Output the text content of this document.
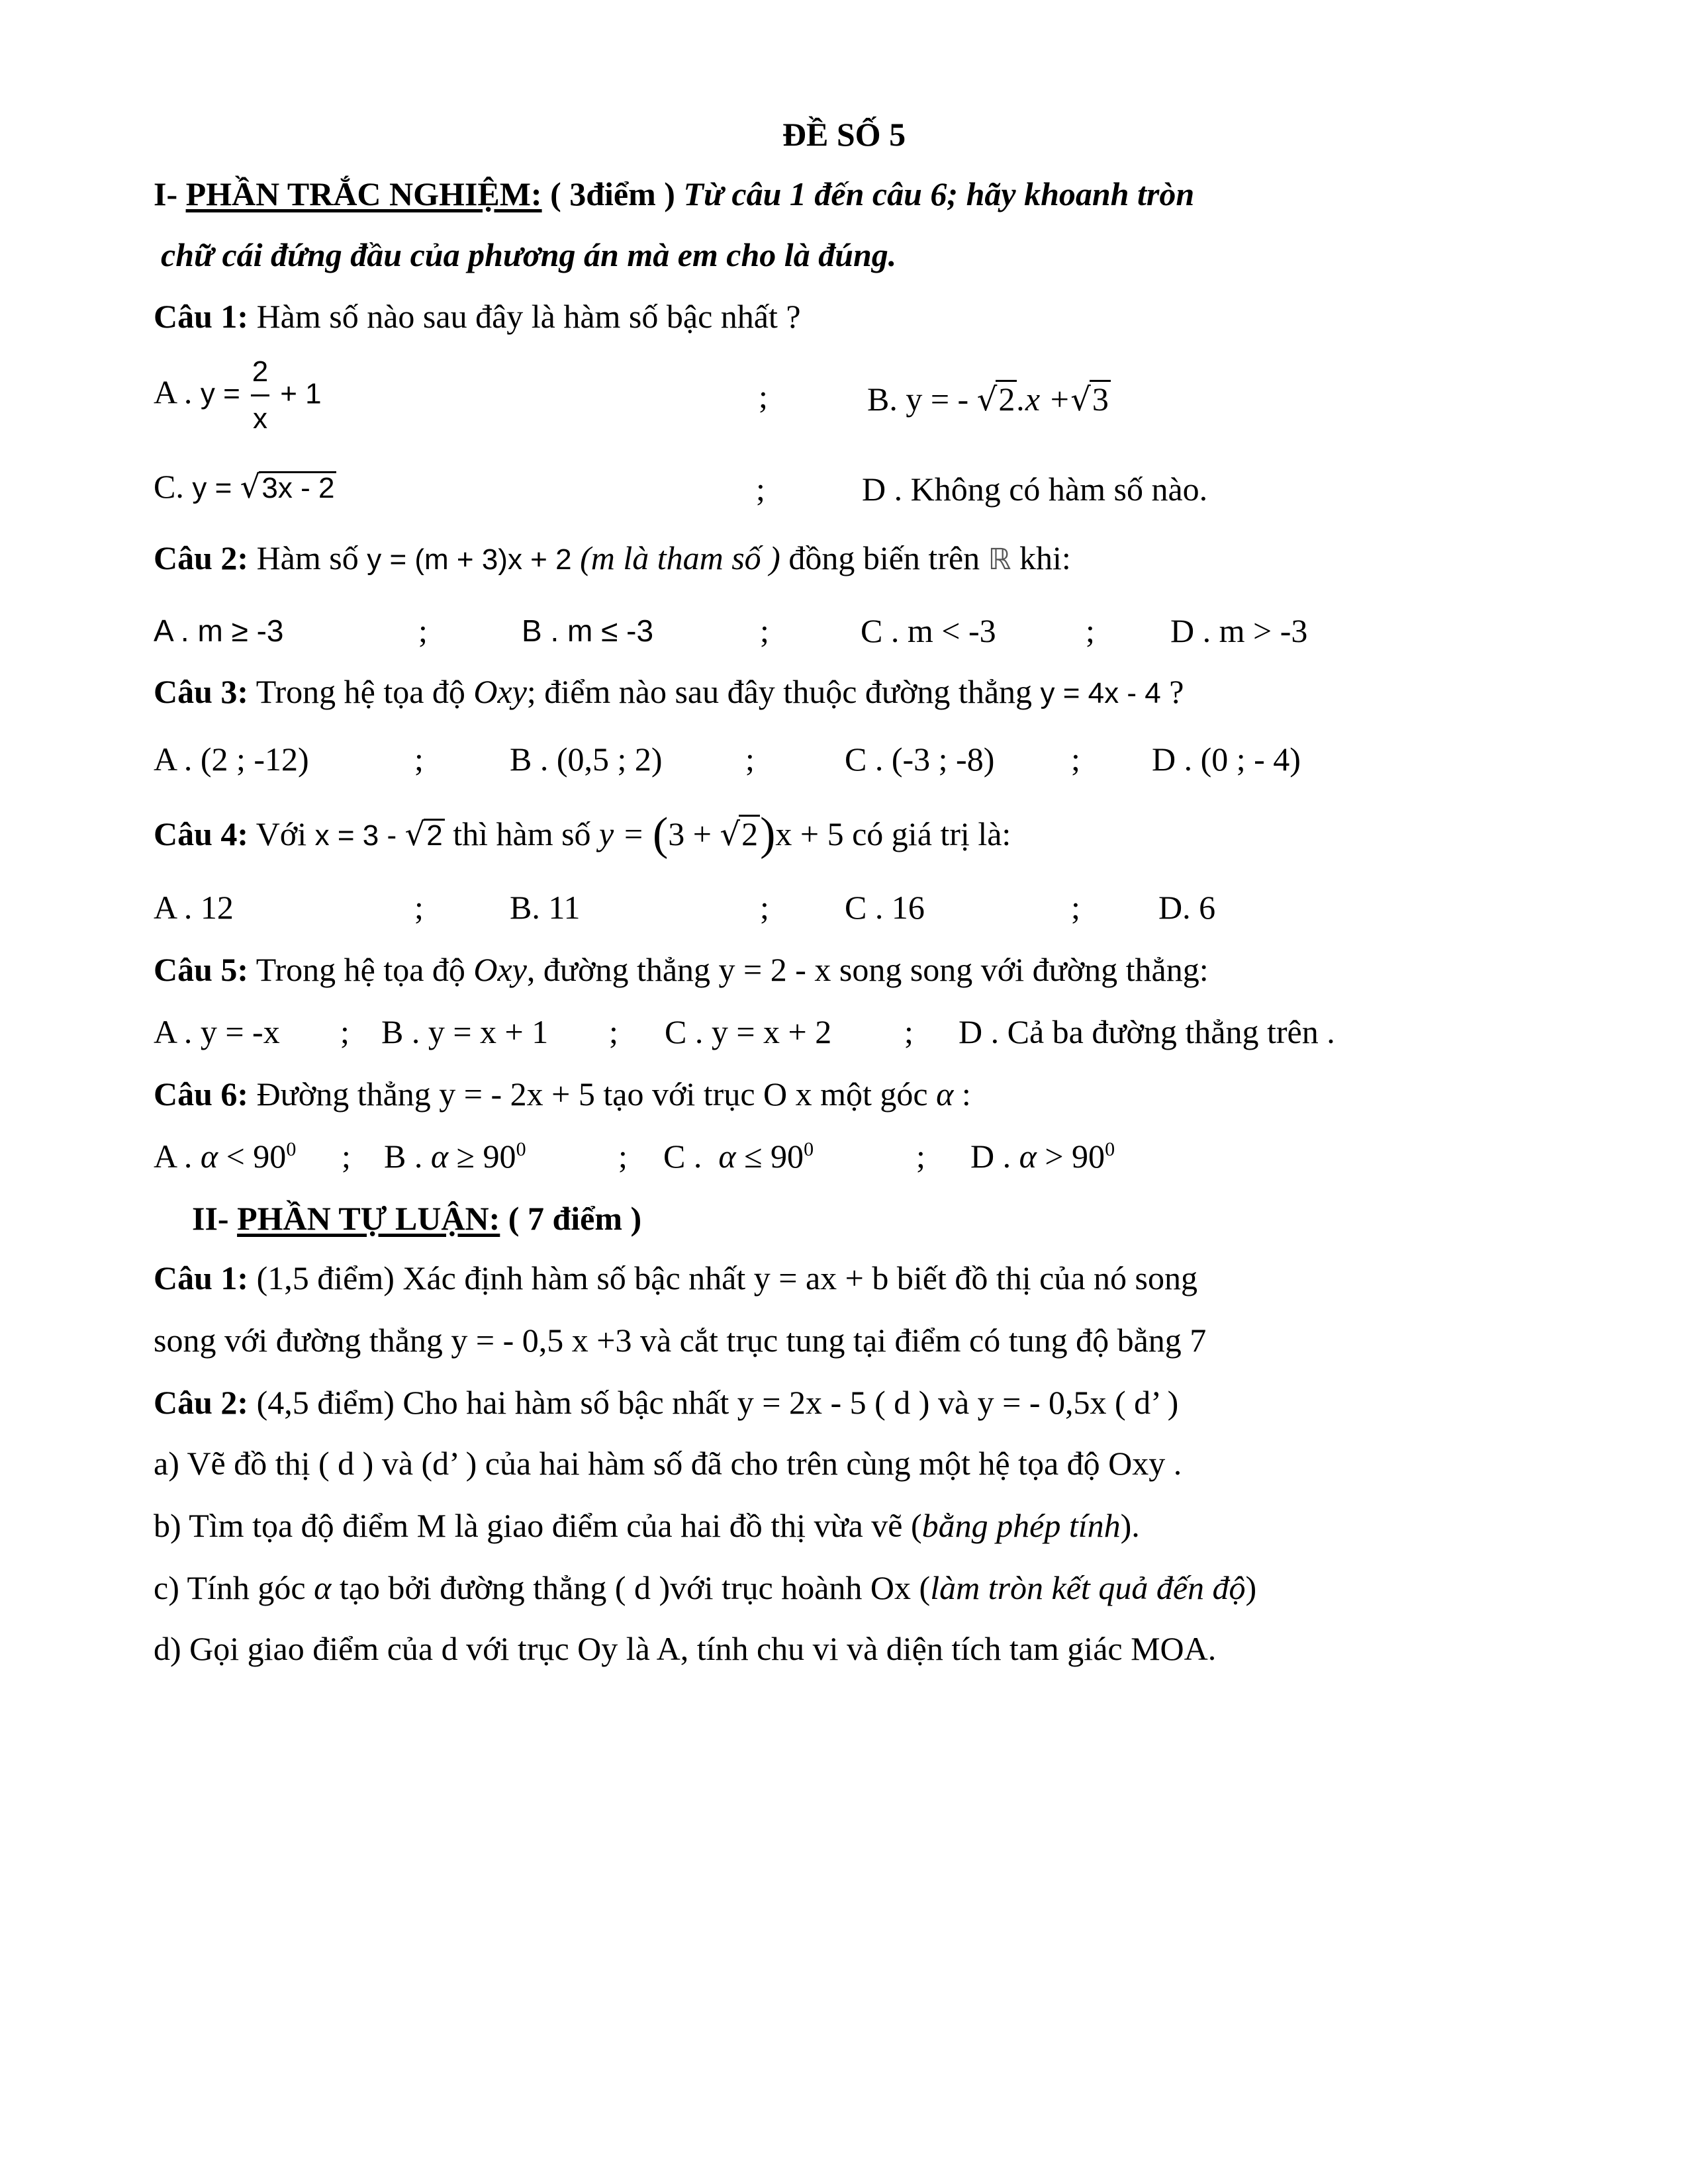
ĐỀ SỐ 5
I- PHẦN TRẮC NGHIỆM: ( 3điểm ) Từ câu 1 đến câu 6; hãy khoanh tròn
chữ cái đứng đầu của phương án mà em cho là đúng.
Câu 1: Hàm số nào sau đây là hàm số bậc nhất ?
A . $y = \frac{2}{x} + 1$	;	B. y = - √2.x +√3
C. y = √3x - 2	;	D . Không có hàm số nào.
Câu 2: Hàm số y = (m + 3)x + 2 (m là tham số ) đồng biến trên ℝ khi:
A . m ≥ -3	;	B . m ≤ -3	;	C . m < -3	; D . m > -3
Câu 3: Trong hệ tọa độ Oxy; điểm nào sau đây thuộc đường thẳng y = 4x - 4 ?
A . (2 ; -12)	;	B . (0,5 ; 2)	;	C . (-3 ; -8) ; D . (0 ; - 4)
Câu 4: Với x = 3 - √2 thì hàm số y = (3 + √2)x + 5 có giá trị là:
A . 12	;	B. 11	; C . 16	; D. 6
Câu 5: Trong hệ tọa độ Oxy, đường thẳng y = 2 - x song song với đường thẳng:
A . y = -x ; B . y = x + 1 ; C . y = x + 2 ; D . Cả ba đường thẳng trên .
Câu 6: Đường thẳng y = - 2x + 5 tạo với trục O x một góc α :
A . $\alpha < 90^0$ ; B . $\alpha \ge 90^0$	; C . $\alpha \le 90^0$	; D . $\alpha > 90^0$
II- PHẦN TỰ LUẬN: ( 7 điểm )
Câu 1: (1,5 điểm) Xác định hàm số bậc nhất y = ax + b biết đồ thị của nó song
song với đường thẳng y = - 0,5 x +3 và cắt trục tung tại điểm có tung độ bằng 7
Câu 2: (4,5 điểm) Cho hai hàm số bậc nhất y = 2x - 5 ( d ) và y = - 0,5x ( d’ )
a) Vẽ đồ thị ( d ) và (d’ ) của hai hàm số đã cho trên cùng một hệ tọa độ Oxy .
b) Tìm tọa độ điểm M là giao điểm của hai đồ thị vừa vẽ (bằng phép tính).
c) Tính góc α tạo bởi đường thẳng ( d )với trục hoành Ox (làm tròn kết quả đến độ)
d) Gọi giao điểm của d với trục Oy là A, tính chu vi và diện tích tam giác MOA.
